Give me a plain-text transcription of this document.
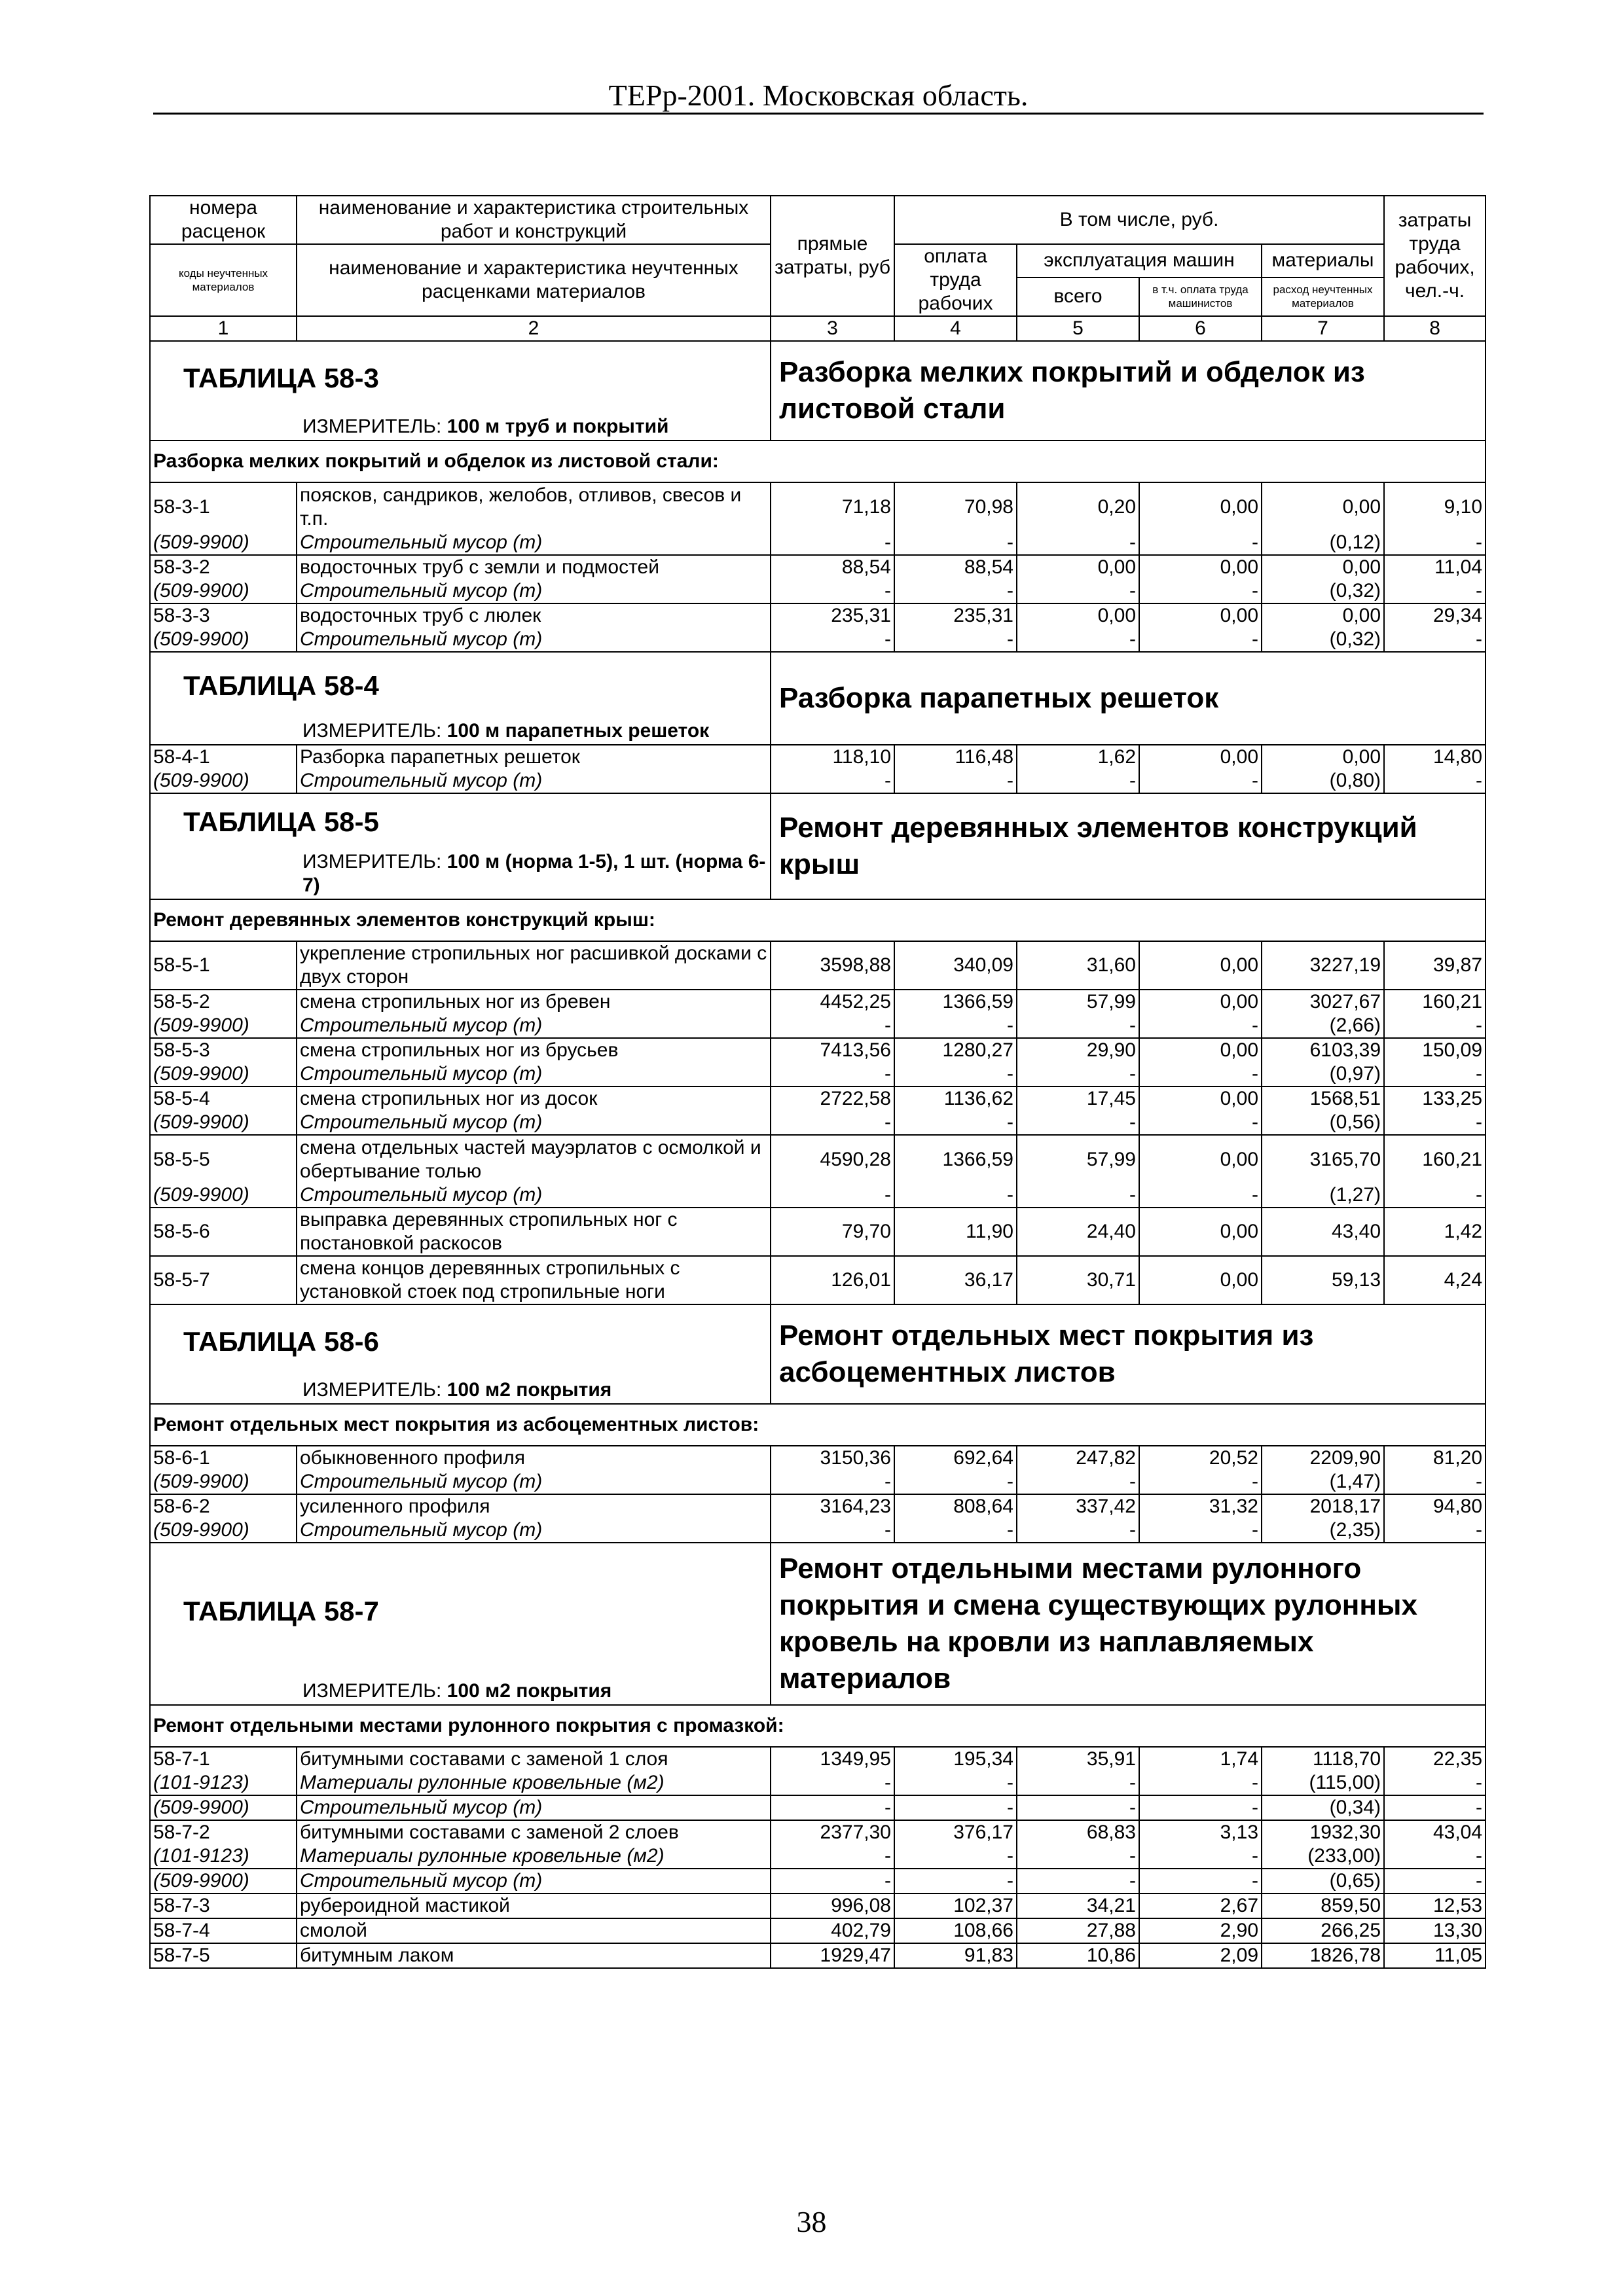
ТЕРр-2001. Московская область.
номера расценок	наименование и характеристика строительных работ и конструкций	прямые затраты, руб	В том числе, руб.				затраты труда рабочих, чел.-ч.
коды неучтенных материалов	наименование и характеристика неучтенных расценками материалов		оплата труда рабочих	эксплуатация машин		материалы	
				всего	в т.ч. оплата труда машинистов	расход неучтенных материалов	
1	2	3	4	5	6	7	8

ТАБЛИЦА 58-3
ИЗМЕРИТЕЛЬ: 100 м труб и покрытий		Разборка мелких покрытий и обделок из листовой стали					

Разборка мелких покрытий и обделок из листовой стали:							
58-3-1	поясков, сандриков, желобов, отливов, свесов и т.п.	71,18	70,98	0,20	0,00	0,00	9,10
(509-9900)	Строительный мусор (т)	-	-	-	-	(0,12)	-
58-3-2	водосточных труб с земли и подмостей	88,54	88,54	0,00	0,00	0,00	11,04
(509-9900)	Строительный мусор (т)	-	-	-	-	(0,32)	-
58-3-3	водосточных труб с люлек	235,31	235,31	0,00	0,00	0,00	29,34
(509-9900)	Строительный мусор (т)	-	-	-	-	(0,32)	-

ТАБЛИЦА 58-4
ИЗМЕРИТЕЛЬ: 100 м парапетных решеток		Разборка парапетных решеток					

58-4-1	Разборка парапетных решеток	118,10	116,48	1,62	0,00	0,00	14,80
(509-9900)	Строительный мусор (т)	-	-	-	-	(0,80)	-

ТАБЛИЦА 58-5
ИЗМЕРИТЕЛЬ: 100 м (норма 1-5), 1 шт. (норма 6-7)		Ремонт деревянных элементов конструкций крыш					

Ремонт деревянных элементов конструкций крыш:							
58-5-1	укрепление стропильных ног расшивкой досками с двух сторон	3598,88	340,09	31,60	0,00	3227,19	39,87
58-5-2	смена стропильных ног из бревен	4452,25	1366,59	57,99	0,00	3027,67	160,21
(509-9900)	Строительный мусор (т)	-	-	-	-	(2,66)	-
58-5-3	смена стропильных ног из брусьев	7413,56	1280,27	29,90	0,00	6103,39	150,09
(509-9900)	Строительный мусор (т)	-	-	-	-	(0,97)	-
58-5-4	смена стропильных ног из досок	2722,58	1136,62	17,45	0,00	1568,51	133,25
(509-9900)	Строительный мусор (т)	-	-	-	-	(0,56)	-
58-5-5	смена отдельных частей мауэрлатов с осмолкой и обертывание толью	4590,28	1366,59	57,99	0,00	3165,70	160,21
(509-9900)	Строительный мусор (т)	-	-	-	-	(1,27)	-
58-5-6	выправка деревянных стропильных ног с постановкой раскосов	79,70	11,90	24,40	0,00	43,40	1,42
58-5-7	смена концов деревянных стропильных с установкой стоек под стропильные ноги	126,01	36,17	30,71	0,00	59,13	4,24

ТАБЛИЦА 58-6
ИЗМЕРИТЕЛЬ: 100 м2 покрытия		Ремонт отдельных мест покрытия из асбоцементных листов					

Ремонт отдельных мест покрытия из асбоцементных листов:							
58-6-1	обыкновенного профиля	3150,36	692,64	247,82	20,52	2209,90	81,20
(509-9900)	Строительный мусор (т)	-	-	-	-	(1,47)	-
58-6-2	усиленного профиля	3164,23	808,64	337,42	31,32	2018,17	94,80
(509-9900)	Строительный мусор (т)	-	-	-	-	(2,35)	-

ТАБЛИЦА 58-7
ИЗМЕРИТЕЛЬ: 100 м2 покрытия		Ремонт отдельными местами рулонного покрытия и смена существующих рулонных кровель на кровли из наплавляемых материалов					

Ремонт отдельными местами рулонного покрытия с промазкой:							
58-7-1	битумными составами с заменой 1 слоя	1349,95	195,34	35,91	1,74	1118,70	22,35
(101-9123)	Материалы рулонные кровельные (м2)	-	-	-	-	(115,00)	-
(509-9900)	Строительный мусор (т)	-	-	-	-	(0,34)	-
58-7-2	битумными составами с заменой 2 слоев	2377,30	376,17	68,83	3,13	1932,30	43,04
(101-9123)	Материалы рулонные кровельные (м2)	-	-	-	-	(233,00)	-
(509-9900)	Строительный мусор (т)	-	-	-	-	(0,65)	-
58-7-3	рубероидной мастикой	996,08	102,37	34,21	2,67	859,50	12,53
58-7-4	смолой	402,79	108,66	27,88	2,90	266,25	13,30
58-7-5	битумным лаком	1929,47	91,83	10,86	2,09	1826,78	11,05
38
